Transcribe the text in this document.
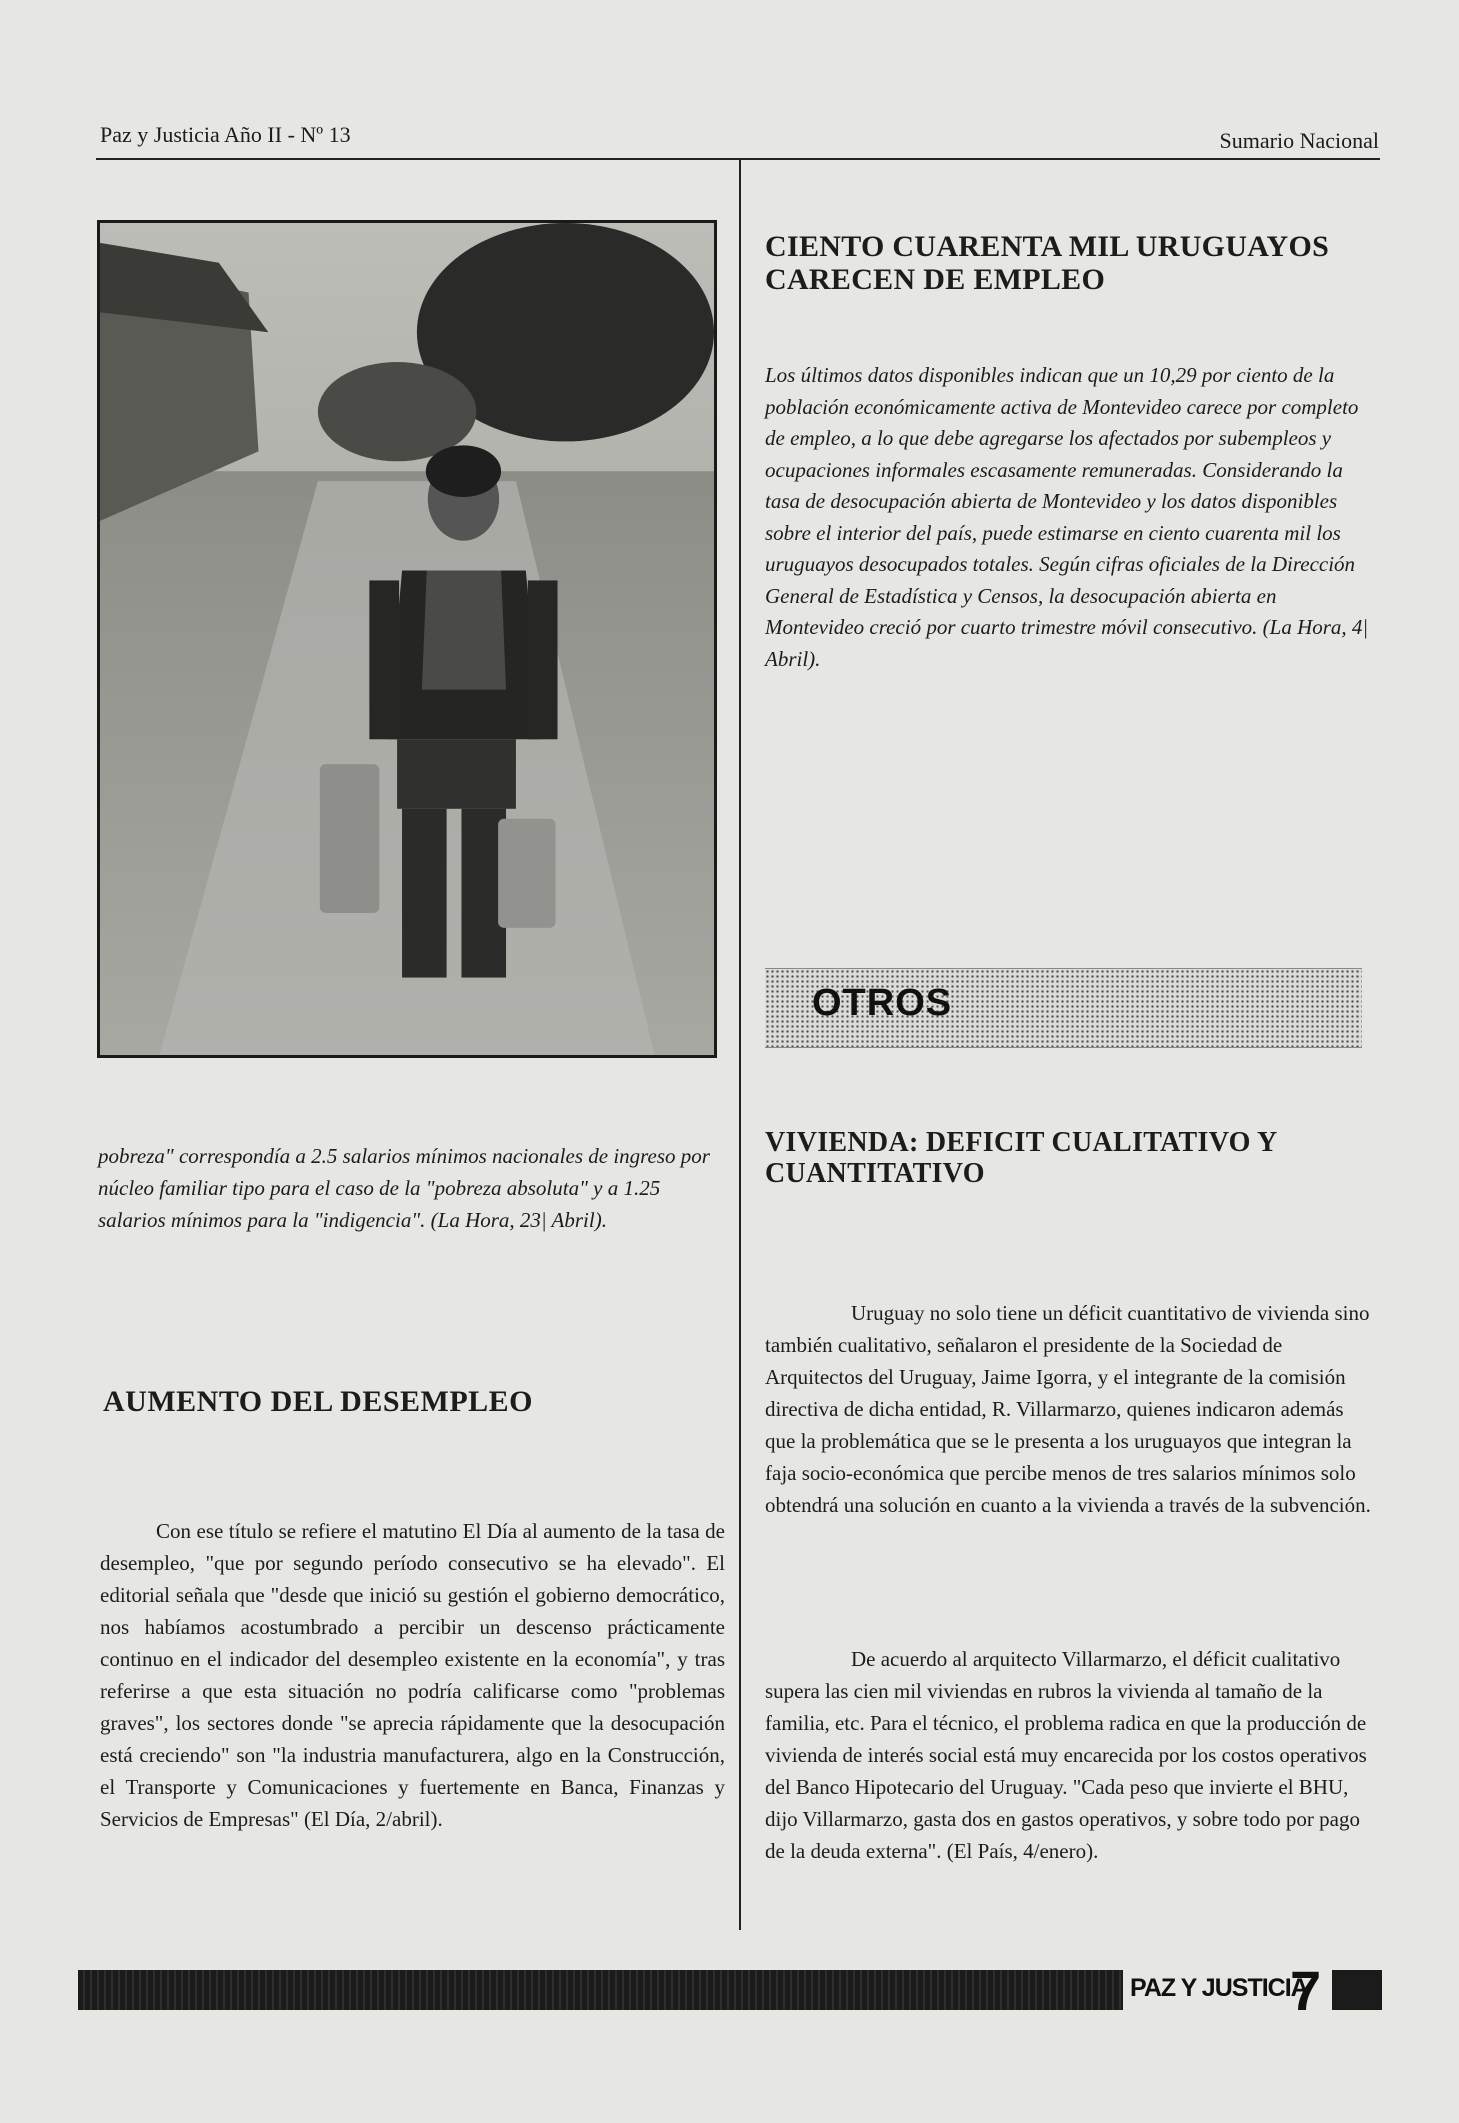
Paz y Justicia Año II - Nº 13	Sumario Nacional
pobreza" correspondía a 2.5 salarios mínimos nacionales de ingreso por núcleo familiar tipo para el caso de la "pobreza absoluta" y a 1.25 salarios mínimos para la "indigencia". (La Hora, 23| Abril).
AUMENTO DEL DESEMPLEO

Con ese título se refiere el matutino El Día al aumento de la tasa de desempleo, "que por segundo período consecutivo se ha elevado". El editorial señala que "desde que inició su gestión el gobierno democrático, nos habíamos acostumbrado a percibir un descenso prácticamente continuo en el indicador del desempleo existente en la economía", y tras referirse a que esta situación no podría calificarse como "problemas graves", los sectores donde "se aprecia rápidamente que la desocupación está creciendo" son "la industria manufacturera, algo en la Construcción, el Transporte y Comunicaciones y fuertemente en Banca, Finanzas y Servicios de Empresas" (El Día, 2/abril).

CIENTO CUARENTA MIL URUGUAYOS CARECEN DE EMPLEO
Los últimos datos disponibles indican que un 10,29 por ciento de la población económicamente activa de Montevideo carece por completo de empleo, a lo que debe agregarse los afectados por subempleos y ocupaciones informales escasamente remuneradas. Considerando la tasa de desocupación abierta de Montevideo y los datos disponibles sobre el interior del país, puede estimarse en ciento cuarenta mil los uruguayos desocupados totales. Según cifras oficiales de la Dirección General de Estadística y Censos, la desocupación abierta en Montevideo creció por cuarto trimestre móvil consecutivo. (La Hora, 4| Abril).
OTROS
VIVIENDA: DEFICIT CUALITATIVO Y CUANTITATIVO

Uruguay no solo tiene un déficit cuantitativo de vivienda sino también cualitativo, señalaron el presidente de la Sociedad de Arquitectos del Uruguay, Jaime Igorra, y el integrante de la comisión directiva de dicha entidad, R. Villarmarzo, quienes indicaron además que la problemática que se le presenta a los uruguayos que integran la faja socio-económica que percibe menos de tres salarios mínimos solo obtendrá una solución en cuanto a la vivienda a través de la subvención.

De acuerdo al arquitecto Villarmarzo, el déficit cualitativo supera las cien mil viviendas en rubros la vivienda al tamaño de la familia, etc. Para el técnico, el problema radica en que la producción de vivienda de interés social está muy encarecida por los costos operativos del Banco Hipotecario del Uruguay. "Cada peso que invierte el BHU, dijo Villarmarzo, gasta dos en gastos operativos, y sobre todo por pago de la deuda externa". (El País, 4/enero).

PAZ Y JUSTICIA
7
